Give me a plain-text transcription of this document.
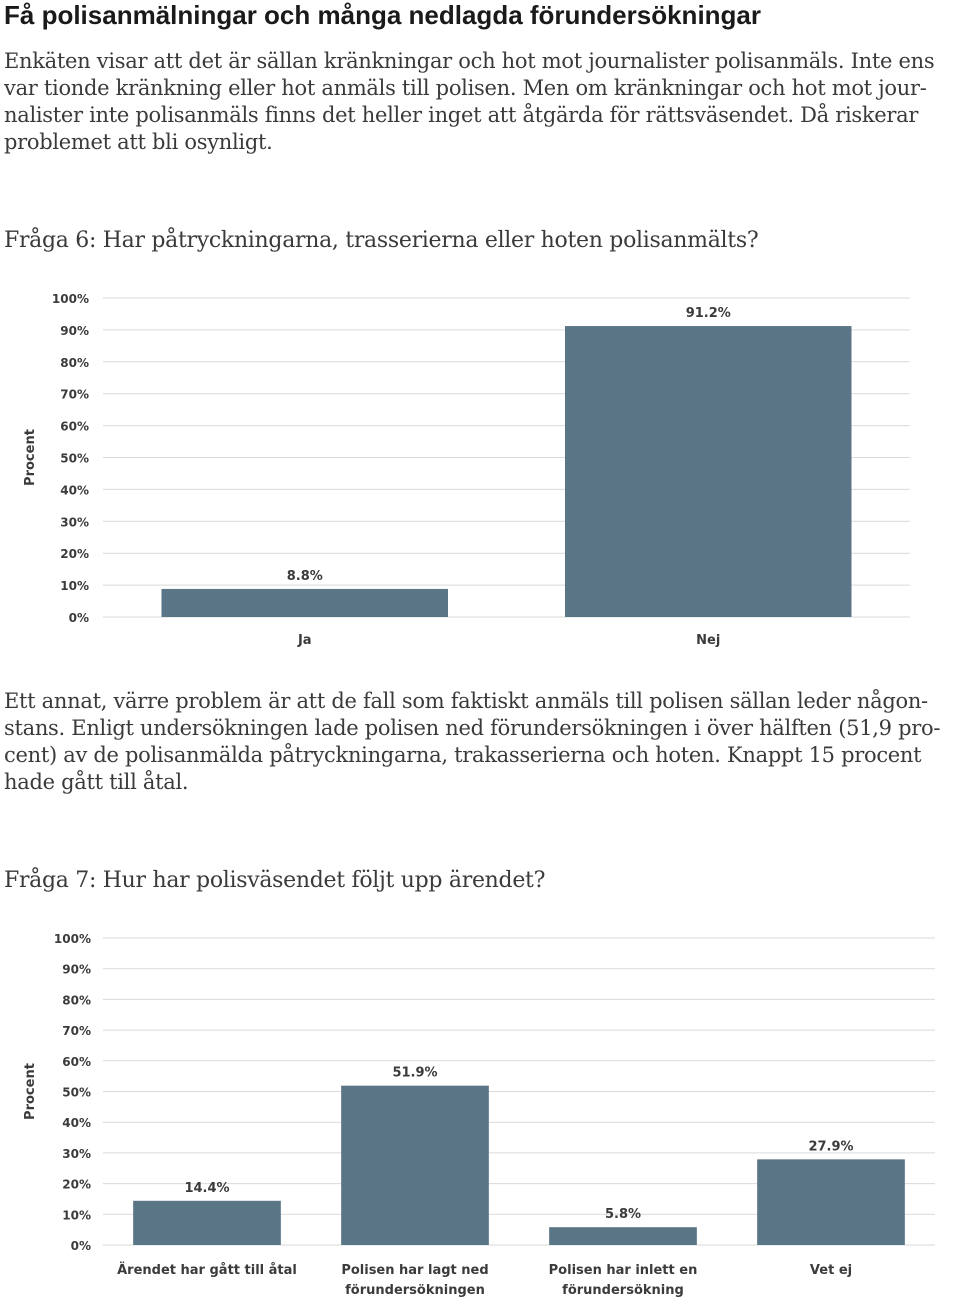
Få polisanmälningar och många nedlagda förundersökningar

Enkäten visar att det är sällan kränkningar och hot mot journalister polisanmäls. Inte ens
var tionde kränkning eller hot anmäls till polisen. Men om kränkningar och hot mot jour-
nalister inte polisanmäls finns det heller inget att åtgärda för rättsväsendet. Då riskerar
problemet att bli osynligt.

Fråga 6: Har påtryckningarna, trasserierna eller hoten polisanmälts?

0%
10%
20%
30%
40%
50%
60%
70%
80%
90%
100%
Procent
8.8%
Ja
91.2%
Nej

Ett annat, värre problem är att de fall som faktiskt anmäls till polisen sällan leder någon-
stans. Enligt undersökningen lade polisen ned förundersökningen i över hälften (51,9 pro-
cent) av de polisanmälda påtryckningarna, trakasserierna och hoten. Knappt 15 procent
hade gått till åtal.

Fråga 7: Hur har polisväsendet följt upp ärendet?

0%
10%
20%
30%
40%
50%
60%
70%
80%
90%
100%
Procent
14.4%
Ärendet har gått till åtal
51.9%
Polisen har lagt ned
förundersökningen
5.8%
Polisen har inlett en
förundersökning
27.9%
Vet ej
